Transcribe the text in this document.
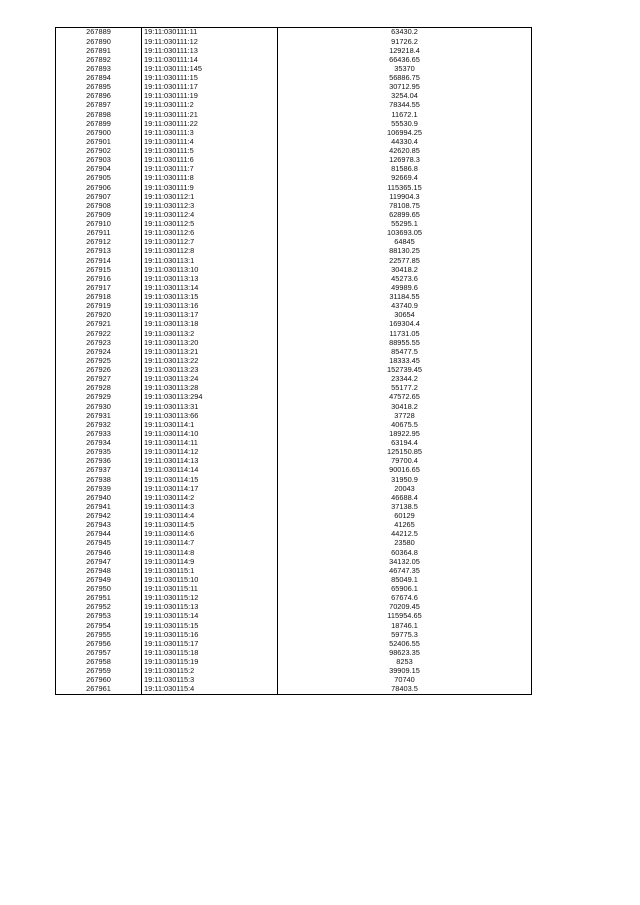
267889	19:11:030111:11	63430.2
267890	19:11:030111:12	91726.2
267891	19:11:030111:13	129218.4
267892	19:11:030111:14	66436.65
267893	19:11:030111:145	35370
267894	19:11:030111:15	56886.75
267895	19:11:030111:17	30712.95
267896	19:11:030111:19	3254.04
267897	19:11:030111:2	78344.55
267898	19:11:030111:21	11672.1
267899	19:11:030111:22	55530.9
267900	19:11:030111:3	106994.25
267901	19:11:030111:4	44330.4
267902	19:11:030111:5	42620.85
267903	19:11:030111:6	126978.3
267904	19:11:030111:7	81586.8
267905	19:11:030111:8	92669.4
267906	19:11:030111:9	115365.15
267907	19:11:030112:1	119904.3
267908	19:11:030112:3	78108.75
267909	19:11:030112:4	62899.65
267910	19:11:030112:5	55295.1
267911	19:11:030112:6	103693.05
267912	19:11:030112:7	64845
267913	19:11:030112:8	88130.25
267914	19:11:030113:1	22577.85
267915	19:11:030113:10	30418.2
267916	19:11:030113:13	45273.6
267917	19:11:030113:14	49989.6
267918	19:11:030113:15	31184.55
267919	19:11:030113:16	43740.9
267920	19:11:030113:17	30654
267921	19:11:030113:18	169304.4
267922	19:11:030113:2	11731.05
267923	19:11:030113:20	88955.55
267924	19:11:030113:21	85477.5
267925	19:11:030113:22	18333.45
267926	19:11:030113:23	152739.45
267927	19:11:030113:24	23344.2
267928	19:11:030113:28	55177.2
267929	19:11:030113:294	47572.65
267930	19:11:030113:31	30418.2
267931	19:11:030113:66	37728
267932	19:11:030114:1	40675.5
267933	19:11:030114:10	18922.95
267934	19:11:030114:11	63194.4
267935	19:11:030114:12	125150.85
267936	19:11:030114:13	79700.4
267937	19:11:030114:14	90016.65
267938	19:11:030114:15	31950.9
267939	19:11:030114:17	20043
267940	19:11:030114:2	46688.4
267941	19:11:030114:3	37138.5
267942	19:11:030114:4	60129
267943	19:11:030114:5	41265
267944	19:11:030114:6	44212.5
267945	19:11:030114:7	23580
267946	19:11:030114:8	60364.8
267947	19:11:030114:9	34132.05
267948	19:11:030115:1	46747.35
267949	19:11:030115:10	85049.1
267950	19:11:030115:11	65906.1
267951	19:11:030115:12	67674.6
267952	19:11:030115:13	70209.45
267953	19:11:030115:14	115954.65
267954	19:11:030115:15	18746.1
267955	19:11:030115:16	59775.3
267956	19:11:030115:17	52406.55
267957	19:11:030115:18	98623.35
267958	19:11:030115:19	8253
267959	19:11:030115:2	39909.15
267960	19:11:030115:3	70740
267961	19:11:030115:4	78403.5
